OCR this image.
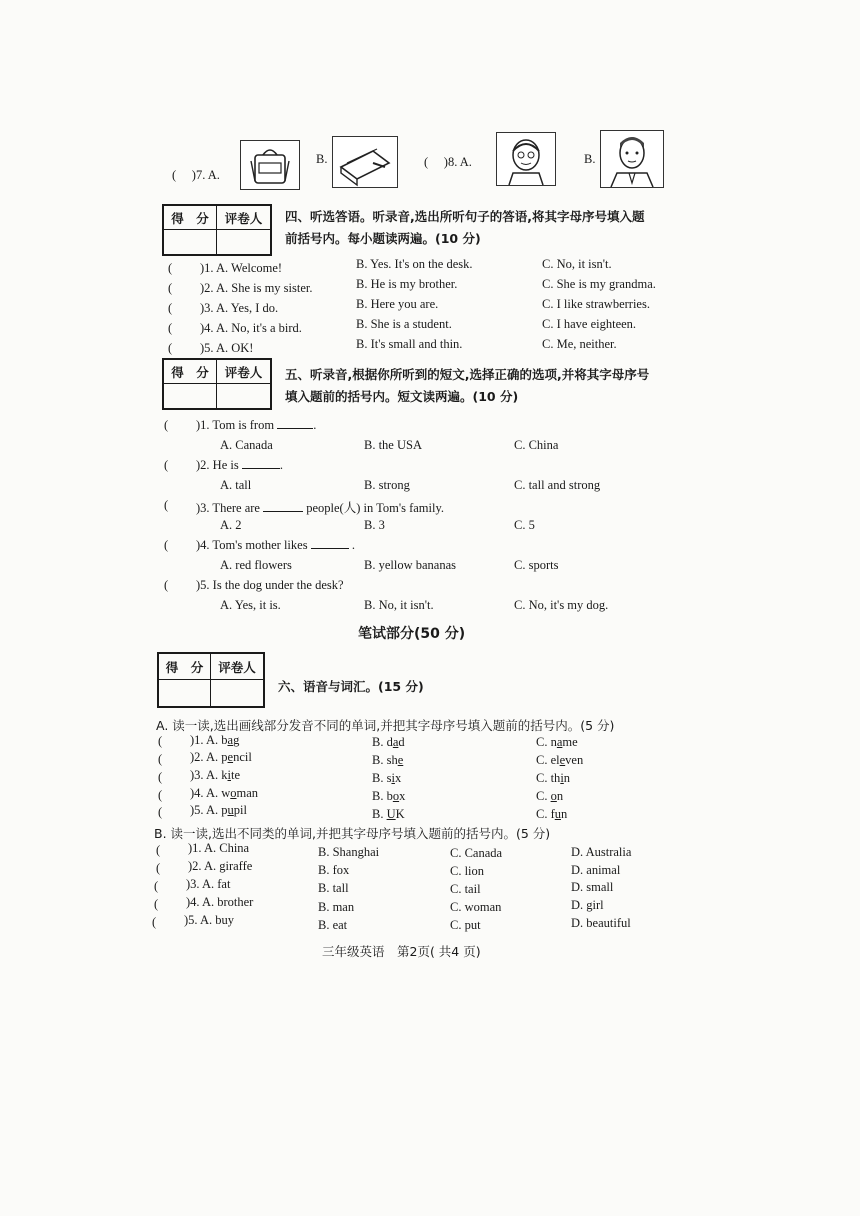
(　 )7. A.
B.	(　 )8. A.	B.
得　分	评卷人	四、听选答语。听录音,选出所听句子的答语,将其字母序号填入题
前括号内。每小题读两遍。(10 分)
( )1. A. Welcome!	B. Yes. It's on the desk.	C. No, it isn't.
( )2. A. She is my sister.	B. He is my brother.	C. She is my grandma.
( )3. A. Yes, I do.	B. Here you are.	C. I like strawberries.
( )4. A. No, it's a bird.	B. She is a student.	C. I have eighteen.
( )5. A. OK!	B. It's small and thin.	C. Me, neither.
得　分	评卷人	五、听录音,根据你所听到的短文,选择正确的选项,并将其字母序号
填入题前的括号内。短文读两遍。(10 分)
( )1. Tom is from	.
A. Canada	B. the USA	C. China
( )2. He is	.
A. tall	B. strong	C. tall and strong
( )3. There are	people(人) in Tom's family.
A. 2	B. 3	C. 5
( )4. Tom's mother likes	.
A. red flowers	B. yellow bananas	C. sports
( )5. Is the dog under the desk?
A. Yes, it is.	B. No, it isn't.	C. No, it's my dog.
笔试部分(50 分)
得　分	评卷人
六、语音与词汇。(15 分)
A. 读一读,选出画线部分发音不同的单词,并把其字母序号填入题前的括号内。(5 分)
( )1. A. bag	B. dad	C. name
( )2. A. pencil	B. she	C. eleven
( )3. A. kite	B. six	C. thin
( )4. A. woman	B. box	C. on
( )5. A. pupil	B. UK	C. fun
B. 读一读,选出不同类的单词,并把其字母序号填入题前的括号内。(5 分)
( )1. A. China	B. Shanghai	C. Canada	D. Australia
( )2. A. giraffe	B. fox	C. lion	D. animal
( )3. A. fat	B. tall	C. tail	D. small
( )4. A. brother	B. man	C. woman	D. girl
( )5. A. buy	B. eat	C. put	D. beautiful
三年级英语　第2页( 共4 页)
